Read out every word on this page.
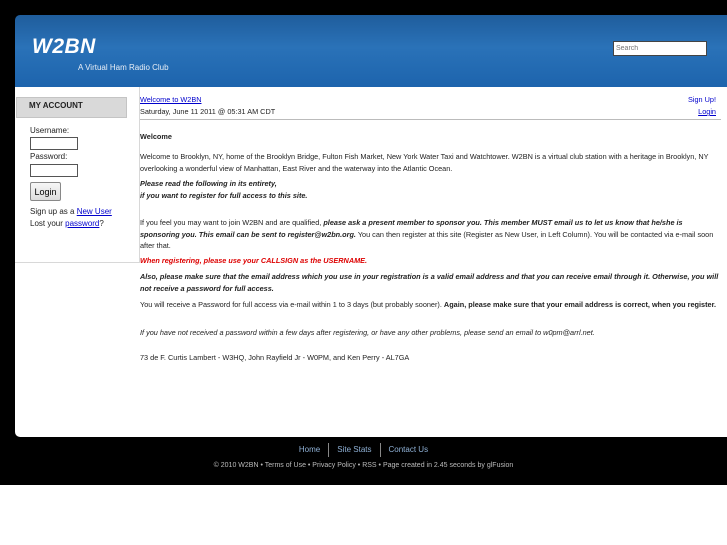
W2BN
A Virtual Ham Radio Club
Search
MY ACCOUNT
Username:
Password:
Login
Sign up as a New User
Lost your password?
Welcome to W2BN
Saturday, June 11 2011 @ 05:31 AM CDT
Sign Up!
Login
Welcome
Welcome to Brooklyn, NY, home of the Brooklyn Bridge, Fulton Fish Market, New York Water Taxi and Watchtower. W2BN is a virtual club station with a heritage in Brooklyn, NY overlooking a wonderful view of Manhattan, East River and the waterway into the Atlantic Ocean.
Please read the following in its entirety,
if you want to register for full access to this site.
If you feel you may want to join W2BN and are qualified, please ask a present member to sponsor you. This member MUST email us to let us know that he/she is sponsoring you. This email can be sent to register@w2bn.org. You can then register at this site (Register as New User, in Left Column). You will be contacted via e-mail soon after that.
When registering, please use your CALLSIGN as the USERNAME.
Also, please make sure that the email address which you use in your registration is a valid email address and that you can receive email through it. Otherwise, you will not receive a password for full access.
You will receive a Password for full access via e-mail within 1 to 3 days (but probably sooner). Again, please make sure that your email address is correct, when you register.
If you have not received a password within a few days after registering, or have any other problems, please send an email to w0pm@arrl.net.
73 de F. Curtis Lambert - W3HQ, John Rayfield Jr - W0PM, and Ken Perry - AL7GA
Home Site Stats Contact Us
© 2010 W2BN • Terms of Use • Privacy Policy • RSS • Page created in 2.45 seconds by glFusion
